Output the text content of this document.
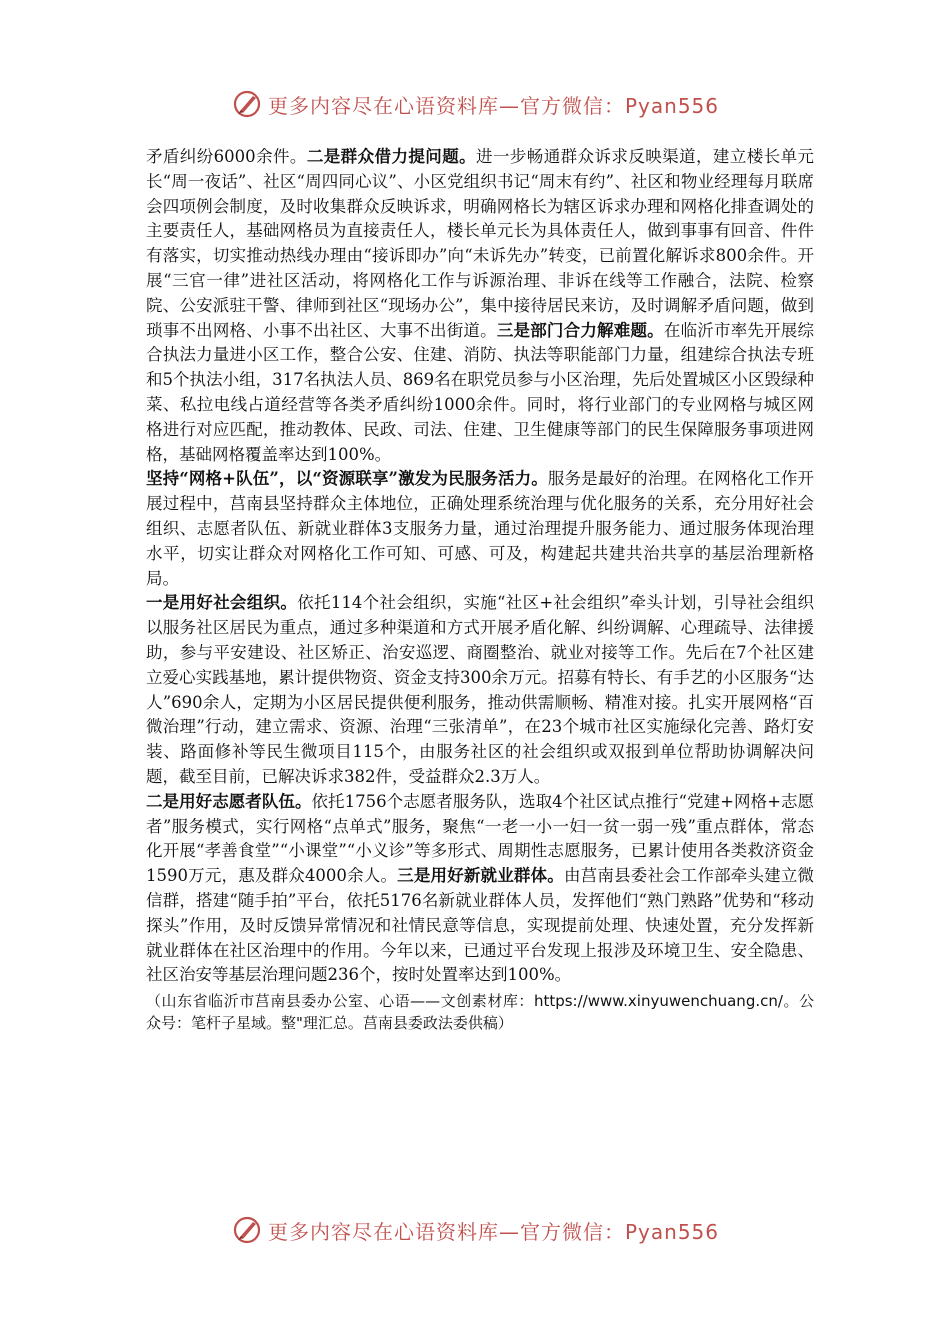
更多内容尽在心语资料库—官方微信：Pyan556

矛盾纠纷6000余件。二是群众借力提问题。进一步畅通群众诉求反映渠道，建立楼长单元长“周一夜话”、社区“周四同心议”、小区党组织书记“周末有约”、社区和物业经理每月联席会四项例会制度，及时收集群众反映诉求，明确网格长为辖区诉求办理和网格化排查调处的主要责任人，基础网格员为直接责任人，楼长单元长为具体责任人，做到事事有回音、件件有落实，切实推动热线办理由“接诉即办”向“未诉先办”转变，已前置化解诉求800余件。开展“三官一律”进社区活动，将网格化工作与诉源治理、非诉在线等工作融合，法院、检察院、公安派驻干警、律师到社区“现场办公”，集中接待居民来访，及时调解矛盾问题，做到琐事不出网格、小事不出社区、大事不出街道。三是部门合力解难题。在临沂市率先开展综合执法力量进小区工作，整合公安、住建、消防、执法等职能部门力量，组建综合执法专班和5个执法小组，317名执法人员、869名在职党员参与小区治理，先后处置城区小区毁绿种菜、私拉电线占道经营等各类矛盾纠纷1000余件。同时，将行业部门的专业网格与城区网格进行对应匹配，推动教体、民政、司法、住建、卫生健康等部门的民生保障服务事项进网格，基础网格覆盖率达到100%。

坚持“网格+队伍”，以“资源联享”激发为民服务活力。服务是最好的治理。在网格化工作开展过程中，莒南县坚持群众主体地位，正确处理系统治理与优化服务的关系，充分用好社会组织、志愿者队伍、新就业群体3支服务力量，通过治理提升服务能力、通过服务体现治理水平，切实让群众对网格化工作可知、可感、可及，构建起共建共治共享的基层治理新格局。

一是用好社会组织。依托114个社会组织，实施“社区+社会组织”牵头计划，引导社会组织以服务社区居民为重点，通过多种渠道和方式开展矛盾化解、纠纷调解、心理疏导、法律援助，参与平安建设、社区矫正、治安巡逻、商圈整治、就业对接等工作。先后在7个社区建立爱心实践基地，累计提供物资、资金支持300余万元。招募有特长、有手艺的小区服务“达人”690余人，定期为小区居民提供便利服务，推动供需顺畅、精准对接。扎实开展网格“百微治理”行动，建立需求、资源、治理“三张清单”，在23个城市社区实施绿化完善、路灯安装、路面修补等民生微项目115个，由服务社区的社会组织或双报到单位帮助协调解决问题，截至目前，已解决诉求382件，受益群众2.3万人。

二是用好志愿者队伍。依托1756个志愿者服务队，选取4个社区试点推行“党建+网格+志愿者”服务模式，实行网格“点单式”服务，聚焦“一老一小一妇一贫一弱一残”重点群体，常态化开展“孝善食堂”“小课堂”“小义诊”等多形式、周期性志愿服务，已累计使用各类救济资金1590万元，惠及群众4000余人。三是用好新就业群体。由莒南县委社会工作部牵头建立微信群，搭建“随手拍”平台，依托5176名新就业群体人员，发挥他们“熟门熟路”优势和“移动探头”作用，及时反馈异常情况和社情民意等信息，实现提前处理、快速处置，充分发挥新就业群体在社区治理中的作用。今年以来，已通过平台发现上报涉及环境卫生、安全隐患、社区治安等基层治理问题236个，按时处置率达到100%。

（山东省临沂市莒南县委办公室、心语——文创素材库：https://www.xinyuwenchuang.cn/。公众号：笔杆子星域。整"理汇总。莒南县委政法委供稿）

更多内容尽在心语资料库—官方微信：Pyan556
